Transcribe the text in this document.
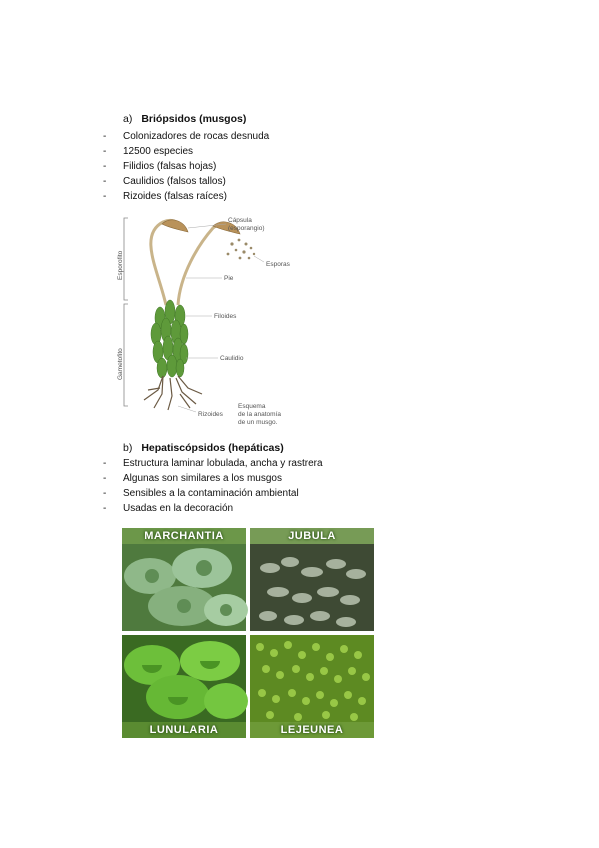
a) Briópsidos (musgos)
- Colonizadores de rocas desnuda
- 12500 especies
- Filidios (falsas hojas)
- Caulidios (falsos tallos)
- Rizoides (falsas raíces)
Esporofito
Gametofito
Cápsula
(esporangio)
Esporas
Pie
Filoides
Caulidio
Rizoides
Esquema
de la anatomía
de un musgo.
b) Hepatiscópsidos (hepáticas)
- Estructura laminar lobulada, ancha y rastrera
- Algunas son similares a los musgos
- Sensibles a la contaminación ambiental
- Usadas en la decoración
MARCHANTIA	JUBULA
LUNULARIA	LEJEUNEA
